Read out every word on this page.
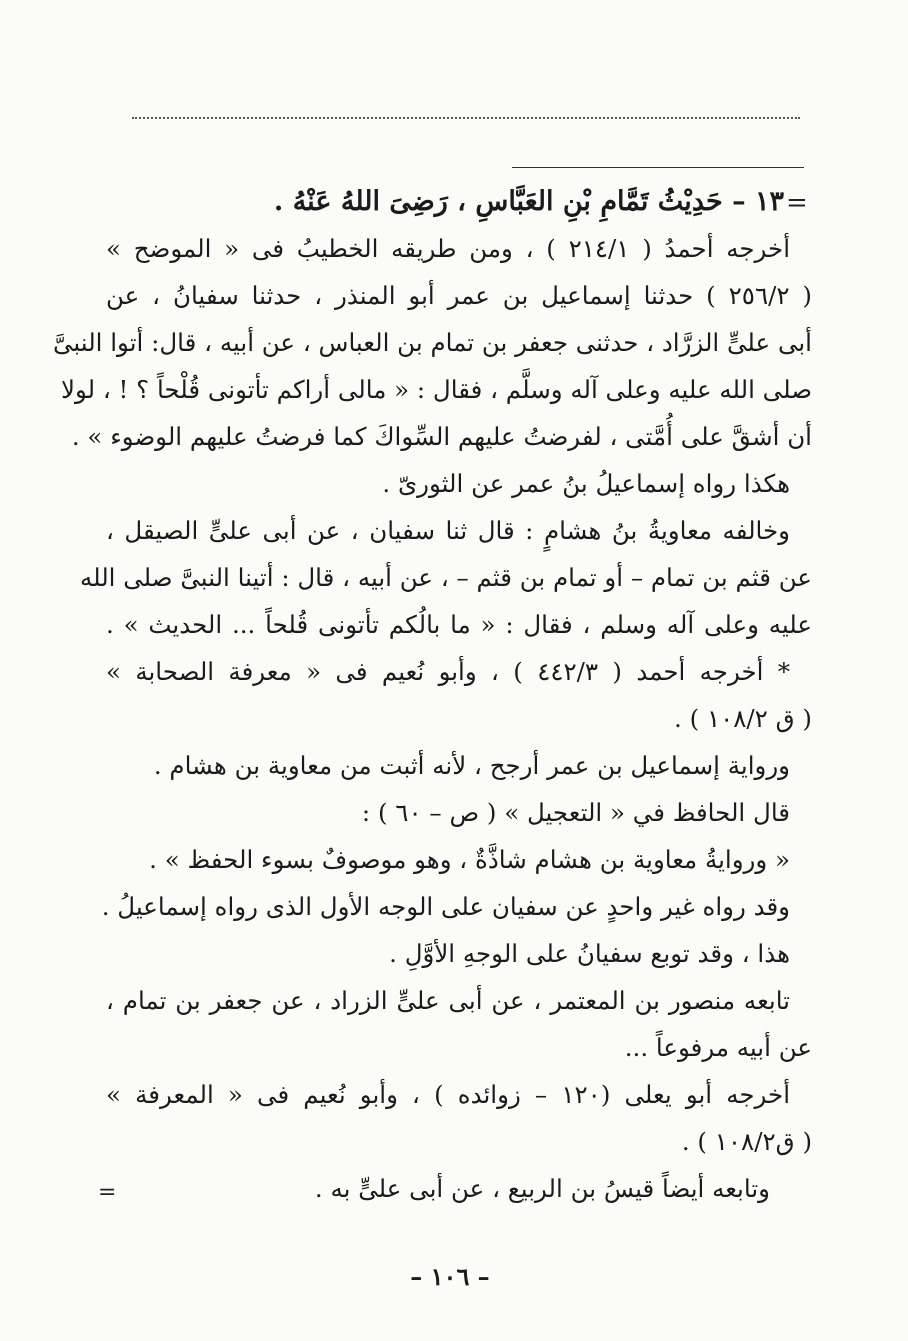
=
١٣ – حَدِيْثُ تَمَّامِ بْنِ العَبَّاسِ ، رَضِىَ اللهُ عَنْهُ .
أخرجه أحمدُ ( ٢١٤/١ ) ، ومن طريقه الخطيبُ فى « الموضح »
( ٢٥٦/٢ ) حدثنا إسماعيل بن عمر أبو المنذر ، حدثنا سفيانُ ، عن
أبى علىٍّ الزرَّاد ، حدثنى جعفر بن تمام بن العباس ، عن أبيه ، قال: أتوا النبىَّ
صلى الله عليه وعلى آله وسلَّم ، فقال : « مالى أراكم تأتونى قُلْحاً ؟ ! ، لولا
أن أشقَّ على أُمَّتى ، لفرضتُ عليهم السِّواكَ كما فرضتُ عليهم الوضوء » .
هكذا رواه إسماعيلُ بنُ عمر عن الثورىّ .
وخالفه معاويةُ بنُ هشامٍ : قال ثنا سفيان ، عن أبى علىٍّ الصيقل ،
عن قثم بن تمام – أو تمام بن قثم – ، عن أبيه ، قال : أتينا النبىَّ صلى الله
عليه وعلى آله وسلم ، فقال : « ما بالُكم تأتونى قُلحاً ... الحديث » .
* أخرجه أحمد ( ٤٤٢/٣ ) ، وأبو نُعيم فى « معرفة الصحابة »
( ق ١٠٨/٢ ) .
ورواية إسماعيل بن عمر أرجح ، لأنه أثبت من معاوية بن هشام .
قال الحافظ في « التعجيل » ( ص – ٦٠ ) :
« وروايةُ معاوية بن هشام شاذَّةٌ ، وهو موصوفٌ بسوء الحفظ » .
وقد رواه غير واحدٍ عن سفيان على الوجه الأول الذى رواه إسماعيلُ .
هذا ، وقد توبع سفيانُ على الوجهِ الأوَّلِ .
تابعه منصور بن المعتمر ، عن أبى علىٍّ الزراد ، عن جعفر بن تمام ،
عن أبيه مرفوعاً ...
أخرجه أبو يعلى (١٢٠ – زوائده ) ، وأبو نُعيم فى « المعرفة »
( ق١٠٨/٢ ) .
وتابعه أيضاً قيسُ بن الربيع ، عن أبى علىٍّ به .
=
– ١٠٦ –
